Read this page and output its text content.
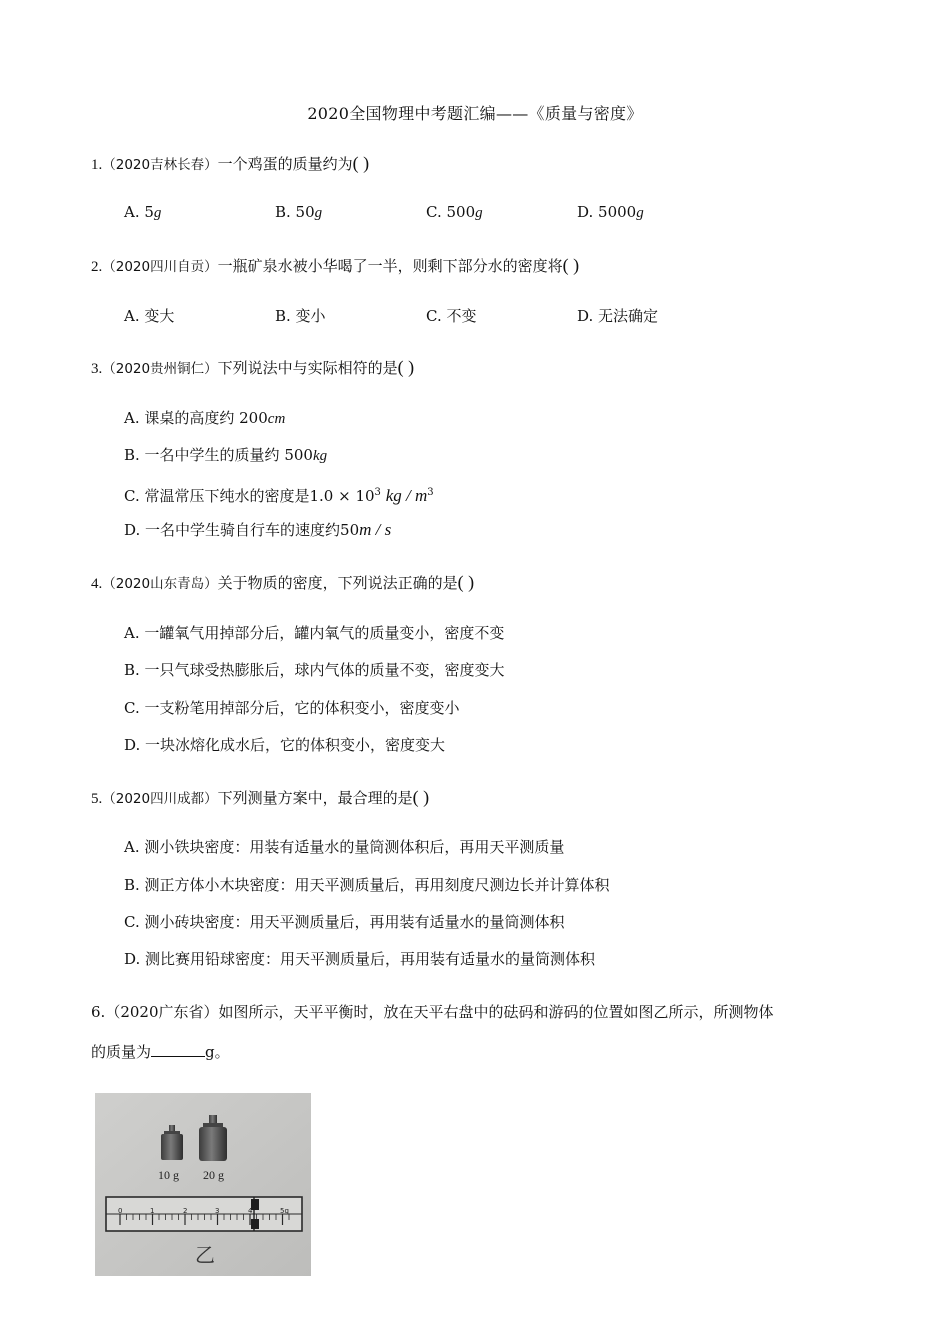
2020全国物理中考题汇编——《质量与密度》
1.（2020吉林长春）一个鸡蛋的质量约为( )
A. 5g	B. 50g	C. 500g	D. 5000g
2.（2020四川自贡）一瓶矿泉水被小华喝了一半，则剩下部分水的密度将( )
A. 变大	B. 变小	C. 不变	D. 无法确定
3.（2020贵州铜仁）下列说法中与实际相符的是( )
A. 课桌的高度约 200cm
B. 一名中学生的质量约 500kg
C. 常温常压下纯水的密度是$1.0 \times 10^3$ kg / $m^3$
D. 一名中学生骑自行车的速度约50m / s
4.（2020山东青岛）关于物质的密度，下列说法正确的是( )
A. 一罐氧气用掉部分后，罐内氧气的质量变小，密度不变
B. 一只气球受热膨胀后，球内气体的质量不变，密度变大
C. 一支粉笔用掉部分后，它的体积变小，密度变小
D. 一块冰熔化成水后，它的体积变小，密度变大
5.（2020四川成都）下列测量方案中，最合理的是( )
A. 测小铁块密度：用装有适量水的量筒测体积后，再用天平测质量
B. 测正方体小木块密度：用天平测质量后，再用刻度尺测边长并计算体积
C. 测小砖块密度：用天平测质量后，再用装有适量水的量筒测体积
D. 测比赛用铅球密度：用天平测质量后，再用装有适量水的量筒测体积
6.（2020广东省）如图所示，天平平衡时，放在天平右盘中的砝码和游码的位置如图乙所示，所测物体
的质量为	g。
10 g 20 g
0	1	2	3	4	5g
乙
